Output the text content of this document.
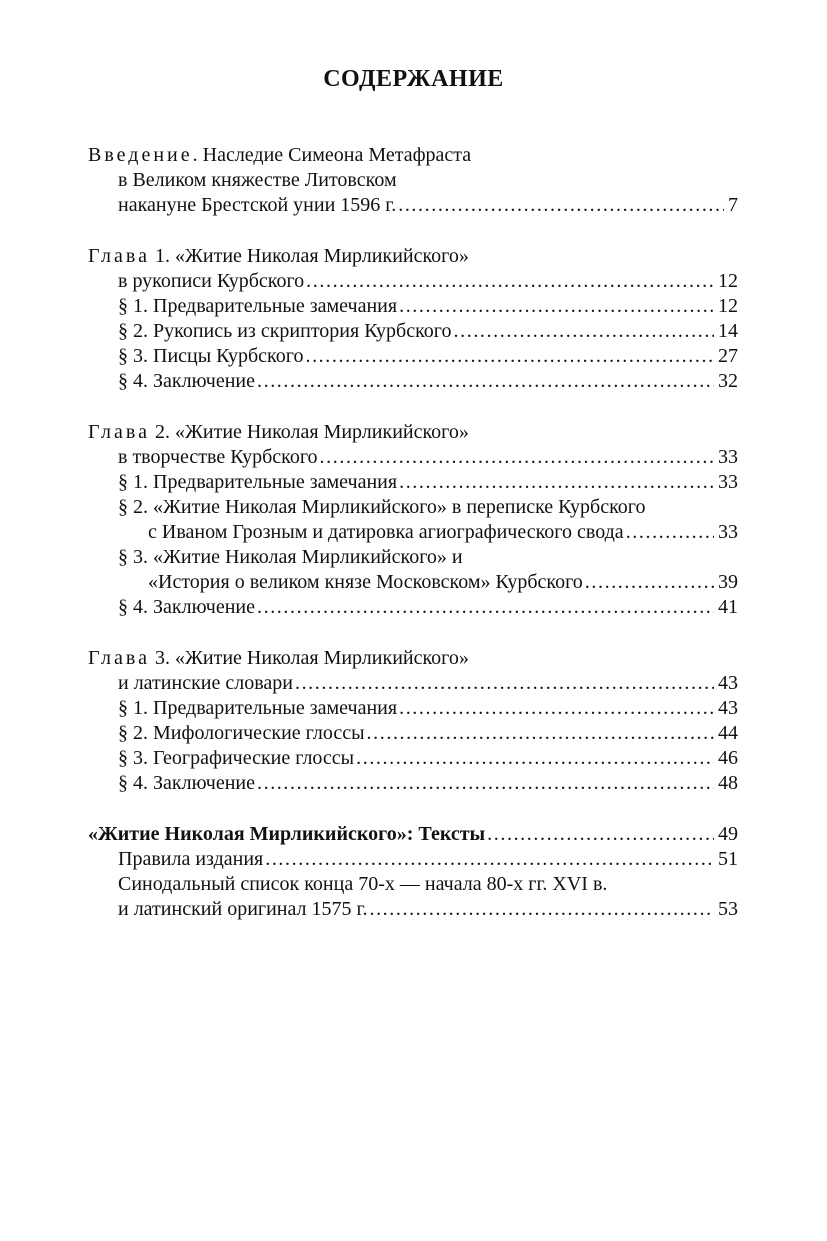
СОДЕРЖАНИЕ
Введение. Наследие Симеона Метафраста
в Великом княжестве Литовском
накануне Брестской унии 1596 г. .....	7
Глава 1. «Житие Николая Мирликийского»
в рукописи Курбского .....	12
§ 1. Предварительные замечания .....	12
§ 2. Рукопись из скриптория Курбского .....	14
§ 3. Писцы Курбского .....	27
§ 4. Заключение .....	32
Глава 2. «Житие Николая Мирликийского»
в творчестве Курбского .....	33
§ 1. Предварительные замечания .....	33
§ 2. «Житие Николая Мирликийского» в переписке Курбского
с Иваном Грозным и датировка агиографического свода .....	33
§ 3. «Житие Николая Мирликийского» и
«История о великом князе Московском» Курбского .....	39
§ 4. Заключение .....	41
Глава 3. «Житие Николая Мирликийского»
и латинские словари .....	43
§ 1. Предварительные замечания .....	43
§ 2. Мифологические глоссы .....	44
§ 3. Географические глоссы .....	46
§ 4. Заключение .....	48
«Житие Николая Мирликийского»: Тексты .....	49
Правила издания .....	51
Синодальный список конца 70-х — начала 80-х гг. XVI в.
и латинский оригинал 1575 г. .....	53
